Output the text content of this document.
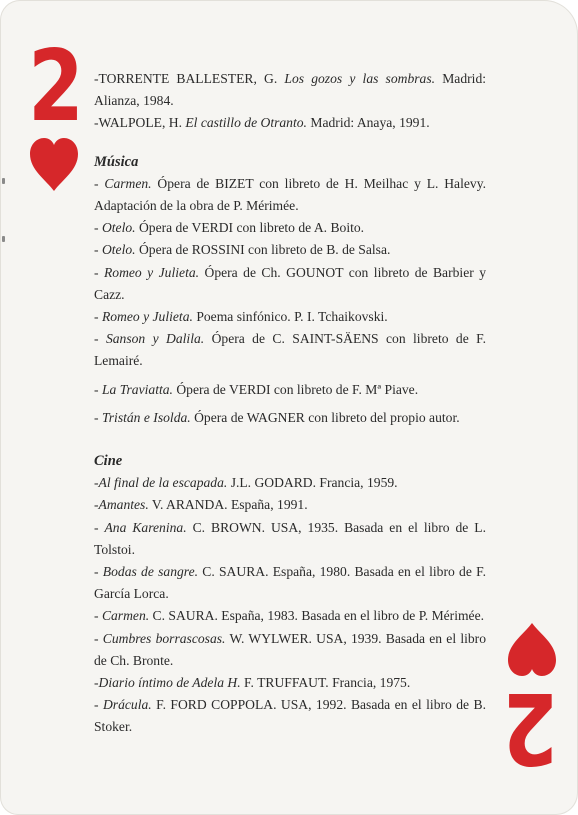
2
2

-TORRENTE BALLESTER, G. Los gozos y las sombras. Madrid: Alianza, 1984.

-WALPOLE, H. El castillo de Otranto. Madrid: Anaya, 1991.

Música

- Carmen. Ópera de BIZET con libreto de H. Meilhac y L. Halevy. Adaptación de la obra de P. Mérimée.

- Otelo. Ópera de VERDI con libreto de A. Boito.

- Otelo. Ópera de ROSSINI con libreto de B. de Salsa.

- Romeo y Julieta. Ópera de Ch. GOUNOT con libreto de Barbier y Cazz.

- Romeo y Julieta. Poema sinfónico. P. I. Tchaikovski.

- Sanson y Dalila. Ópera de C. SAINT-SÄENS con libreto de F. Lemairé.

- La Traviatta. Ópera de VERDI con libreto de F. Mª Piave.

- Tristán e Isolda. Ópera de WAGNER con libreto del propio autor.

Cine

-Al final de la escapada. J.L. GODARD. Francia, 1959.

-Amantes. V. ARANDA. España, 1991.

- Ana Karenina. C. BROWN. USA, 1935. Basada en el libro de L. Tolstoi.

- Bodas de sangre. C. SAURA. España, 1980. Basada en el libro de F. García Lorca.

- Carmen. C. SAURA. España, 1983. Basada en el libro de P. Mérimée.

- Cumbres borrascosas. W. WYLWER. USA, 1939. Basada en el libro de Ch. Bronte.

-Diario íntimo de Adela H. F. TRUFFAUT. Francia, 1975.

- Drácula. F. FORD COPPOLA. USA, 1992. Basada en el libro de B. Stoker.
